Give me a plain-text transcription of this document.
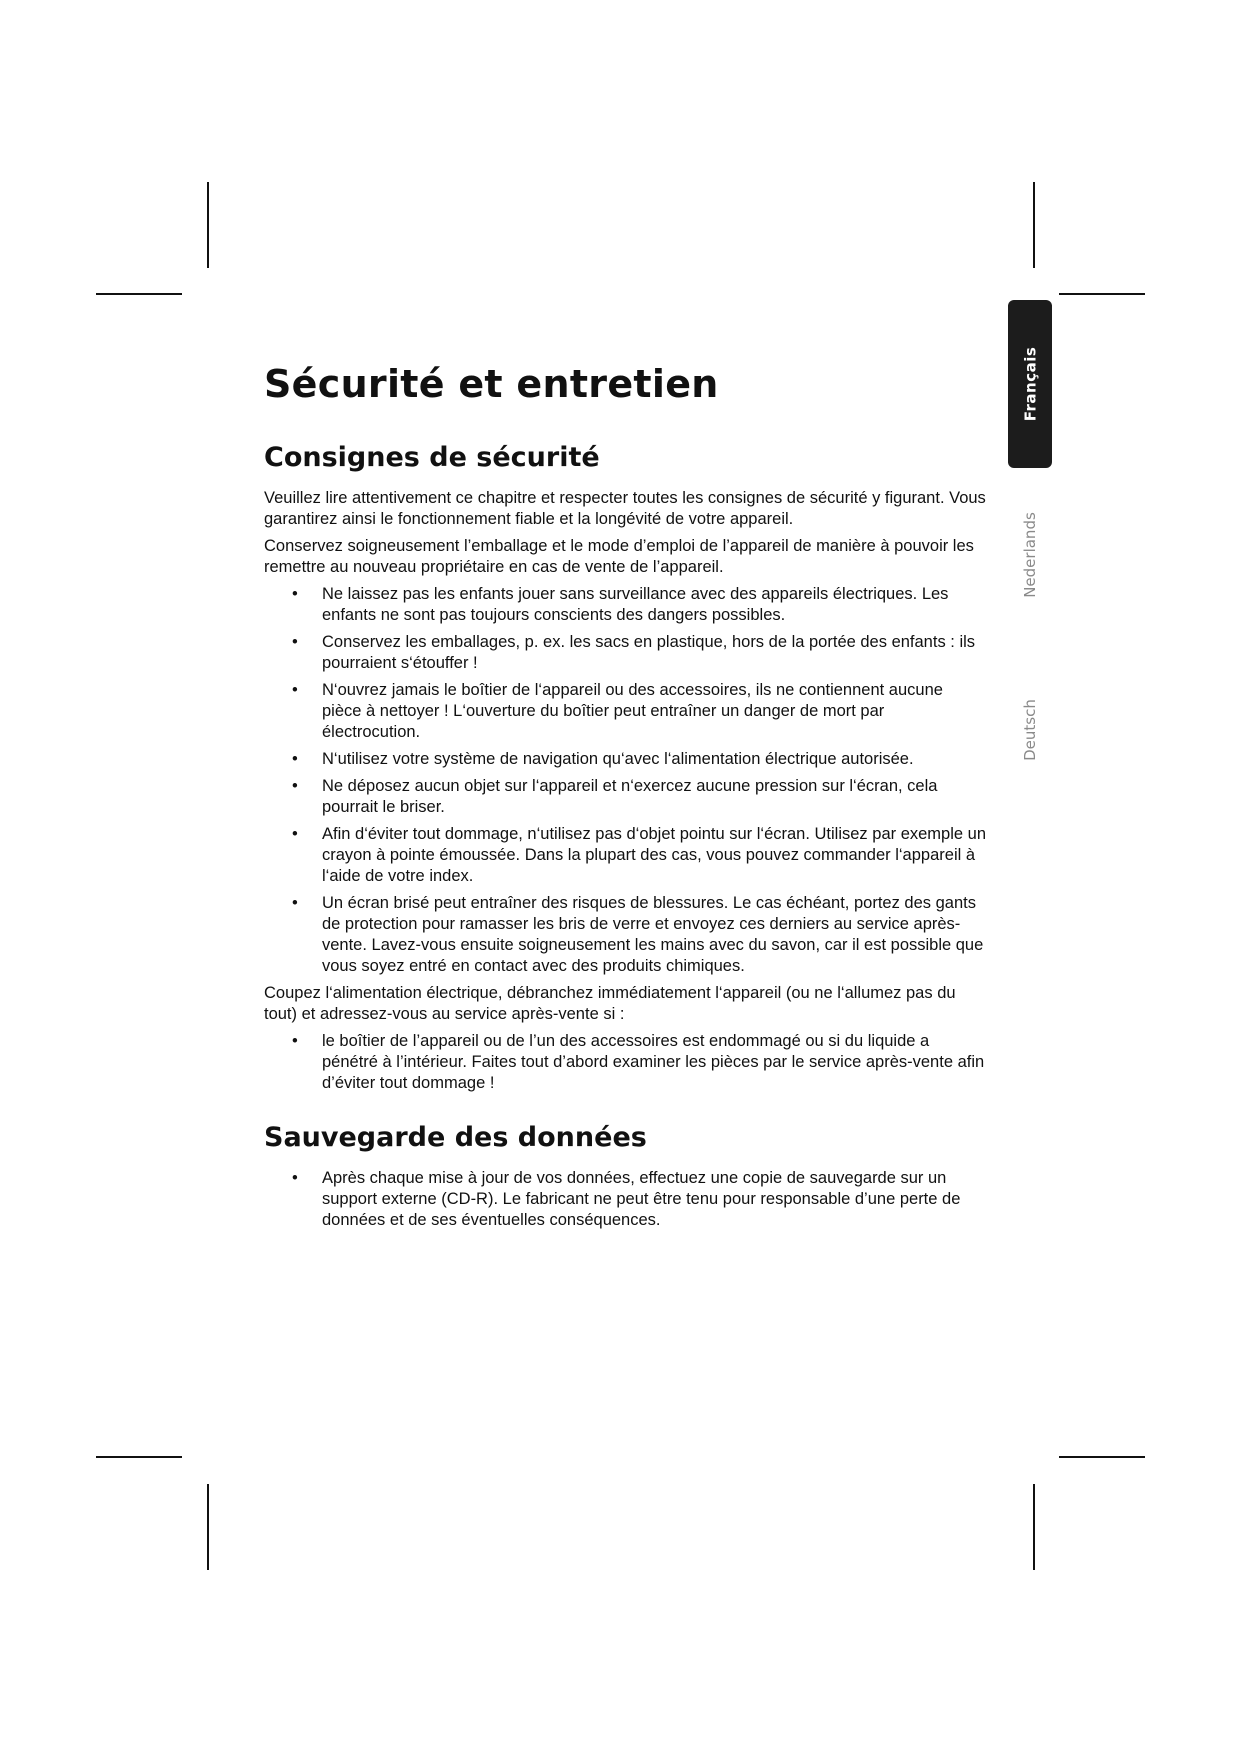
Français
Nederlands
Deutsch
Sécurité et entretien
Consignes de sécurité

Veuillez lire attentivement ce chapitre et respecter toutes les consignes de sécurité y figurant. Vous garantirez ainsi le fonctionnement fiable et la longévité de votre appareil.

Conservez soigneusement l’emballage et le mode d’emploi de l’appareil de manière à pouvoir les remettre au nouveau propriétaire en cas de vente de l’appareil.

• Ne laissez pas les enfants jouer sans surveillance avec des appareils électriques. Les enfants ne sont pas toujours conscients des dangers possibles.
• Conservez les emballages, p. ex. les sacs en plastique, hors de la portée des enfants : ils pourraient s‘étouffer !
• N‘ouvrez jamais le boîtier de l‘appareil ou des accessoires, ils ne contiennent aucune pièce à nettoyer ! L‘ouverture du boîtier peut entraîner un danger de mort par électrocution.
• N‘utilisez votre système de navigation qu‘avec l‘alimentation électrique autorisée.
• Ne déposez aucun objet sur l‘appareil et n‘exercez aucune pression sur l‘écran, cela pourrait le briser.
• Afin d‘éviter tout dommage, n‘utilisez pas d‘objet pointu sur l‘écran. Utilisez par exemple un crayon à pointe émoussée. Dans la plupart des cas, vous pouvez commander l‘appareil à l‘aide de votre index.
• Un écran brisé peut entraîner des risques de blessures. Le cas échéant, portez des gants de protection pour ramasser les bris de verre et envoyez ces derniers au service après-vente. Lavez-vous ensuite soigneusement les mains avec du savon, car il est possible que vous soyez entré en contact avec des produits chimiques.

Coupez l‘alimentation électrique, débranchez immédiatement l‘appareil (ou ne l‘allumez pas du tout) et adressez-vous au service après-vente si :

• le boîtier de l’appareil ou de l’un des accessoires est endommagé ou si du liquide a pénétré à l’intérieur. Faites tout d’abord examiner les pièces par le service après-vente afin d’éviter tout dommage !
Sauvegarde des données
• Après chaque mise à jour de vos données, effectuez une copie de sauvegarde sur un support externe (CD-R). Le fabricant ne peut être tenu pour responsable d’une perte de données et de ses éventuelles conséquences.
